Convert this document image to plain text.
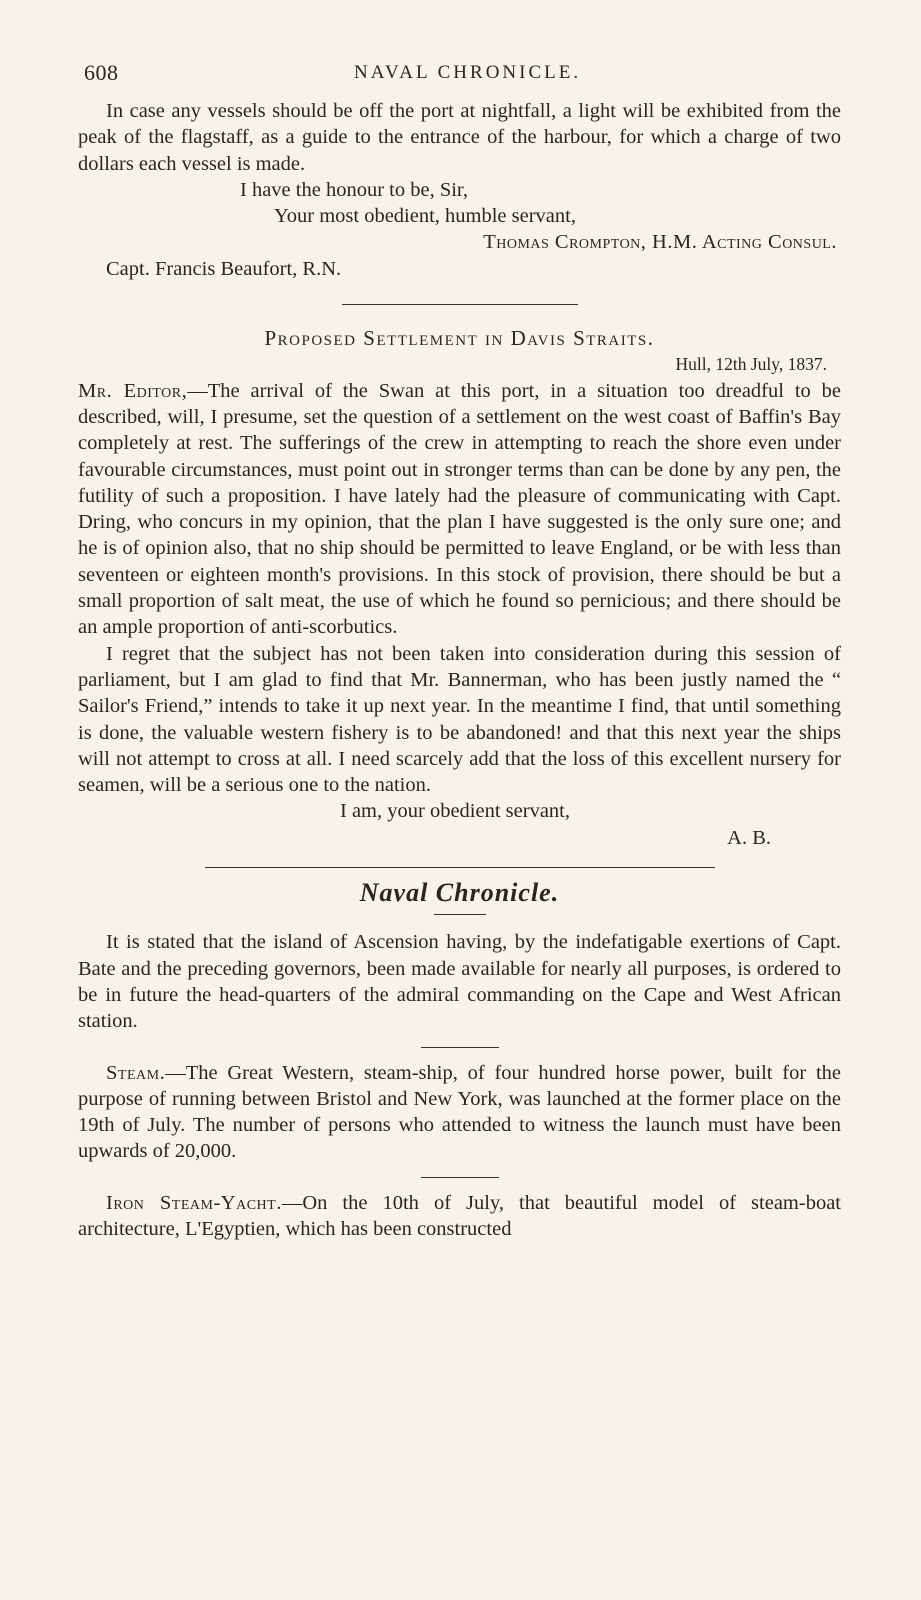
608	NAVAL CHRONICLE.

In case any vessels should be off the port at nightfall, a light will be exhibited from the peak of the flagstaff, as a guide to the entrance of the harbour, for which a charge of two dollars each vessel is made.

I have the honour to be, Sir,
Your most obedient, humble servant,
Thomas Crompton, H.M. Acting Consul.
Capt. Francis Beaufort, R.N.
Proposed Settlement in Davis Straits.
Hull, 12th July, 1837.

Mr. Editor,—The arrival of the Swan at this port, in a situation too dreadful to be described, will, I presume, set the question of a settlement on the west coast of Baffin's Bay completely at rest. The sufferings of the crew in attempting to reach the shore even under favourable circumstances, must point out in stronger terms than can be done by any pen, the futility of such a proposition. I have lately had the pleasure of communicating with Capt. Dring, who concurs in my opinion, that the plan I have suggested is the only sure one; and he is of opinion also, that no ship should be permitted to leave England, or be with less than seventeen or eighteen month's provisions. In this stock of provision, there should be but a small proportion of salt meat, the use of which he found so pernicious; and there should be an ample proportion of anti-scorbutics.

I regret that the subject has not been taken into consideration during this session of parliament, but I am glad to find that Mr. Bannerman, who has been justly named the “ Sailor's Friend,” intends to take it up next year. In the meantime I find, that until something is done, the valuable western fishery is to be abandoned! and that this next year the ships will not attempt to cross at all. I need scarcely add that the loss of this excellent nursery for seamen, will be a serious one to the nation.

I am, your obedient servant,
A. B.
Naval Chronicle.

It is stated that the island of Ascension having, by the indefatigable exertions of Capt. Bate and the preceding governors, been made available for nearly all purposes, is ordered to be in future the head-quarters of the admiral commanding on the Cape and West African station.

Steam.—The Great Western, steam-ship, of four hundred horse power, built for the purpose of running between Bristol and New York, was launched at the former place on the 19th of July. The number of persons who attended to witness the launch must have been upwards of 20,000.

Iron Steam-Yacht.—On the 10th of July, that beautiful model of steam-boat architecture, L'Egyptien, which has been constructed
